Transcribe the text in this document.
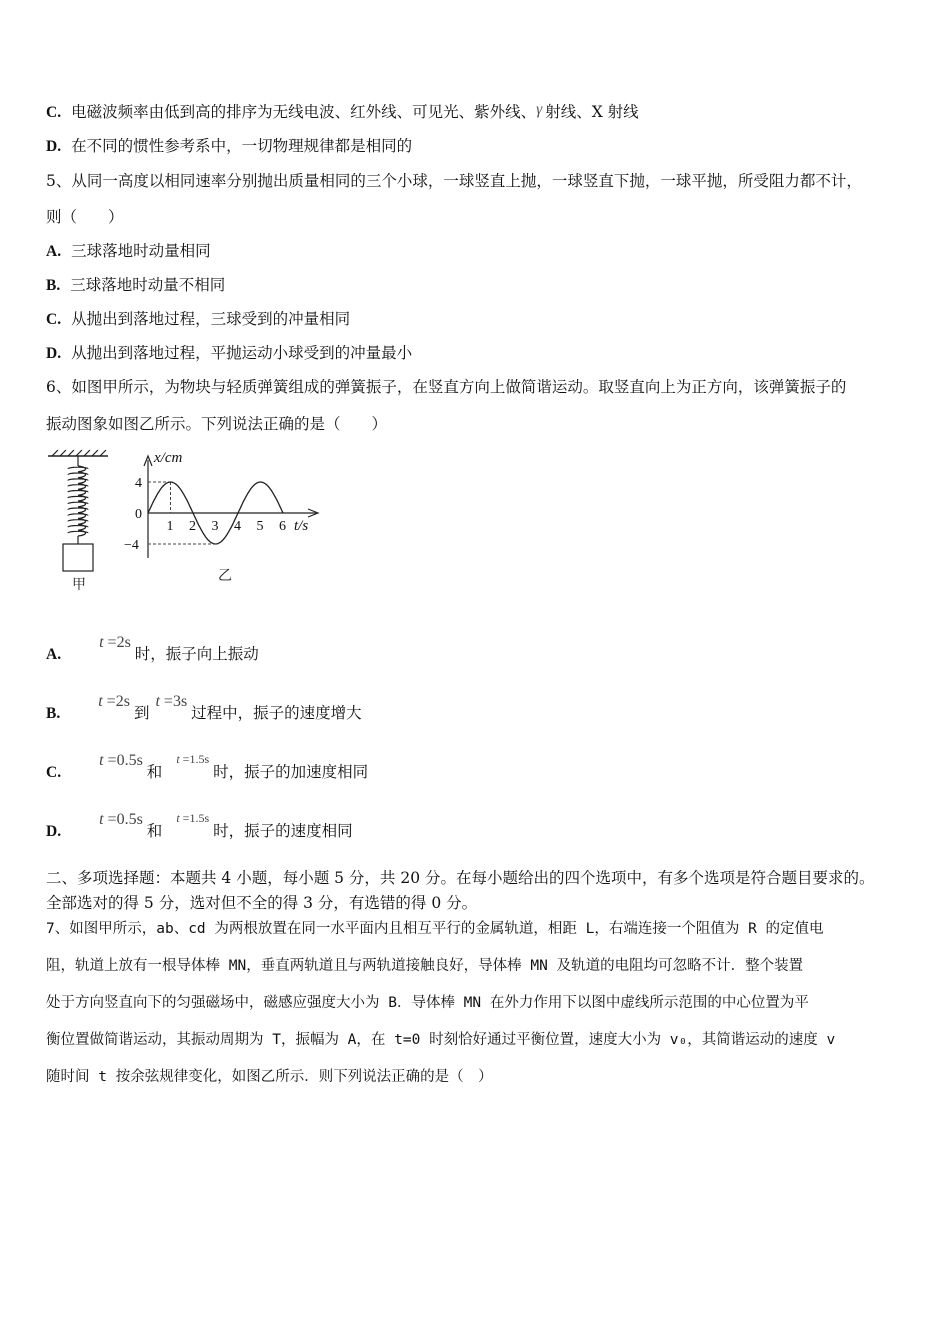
C. 电磁波频率由低到高的排序为无线电波、红外线、可见光、紫外线、γ 射线、X 射线
D. 在不同的惯性参考系中，一切物理规律都是相同的
5、从同一高度以相同速率分别抛出质量相同的三个小球，一球竖直上抛，一球竖直下抛，一球平抛，所受阻力都不计，
则（　　）
A. 三球落地时动量相同
B. 三球落地时动量不相同
C. 从抛出到落地过程，三球受到的冲量相同
D. 从抛出到落地过程，平抛运动小球受到的冲量最小
6、如图甲所示，为物块与轻质弹簧组成的弹簧振子，在竖直方向上做简谐运动。取竖直向上为正方向，该弹簧振子的
振动图象如图乙所示。下列说法正确的是（　　）
甲
x/cm
t/s
0
4
−4
1 2 3 4 5 6
乙
A.t =2s时，振子向上振动
B.t =2s到t =3s过程中，振子的速度增大
C.t =0.5s和$^{t =1.5s}$时，振子的加速度相同
D.t =0.5s和$^{t =1.5s}$时，振子的速度相同
二、多项选择题：本题共 4 小题，每小题 5 分，共 20 分。在每小题给出的四个选项中，有多个选项是符合题目要求的。
全部选对的得 5 分，选对但不全的得 3 分，有选错的得 0 分。
7、如图甲所示，ab、cd 为两根放置在同一水平面内且相互平行的金属轨道，相距 L，右端连接一个阻值为 R 的定值电
阻，轨道上放有一根导体棒 MN，垂直两轨道且与两轨道接触良好，导体棒 MN 及轨道的电阻均可忽略不计．整个装置
处于方向竖直向下的匀强磁场中，磁感应强度大小为 B．导体棒 MN 在外力作用下以图中虚线所示范围的中心位置为平
衡位置做简谐运动，其振动周期为 T，振幅为 A，在 t=0 时刻恰好通过平衡位置，速度大小为 v₀，其简谐运动的速度 v
随时间 t 按余弦规律变化，如图乙所示．则下列说法正确的是（　）
